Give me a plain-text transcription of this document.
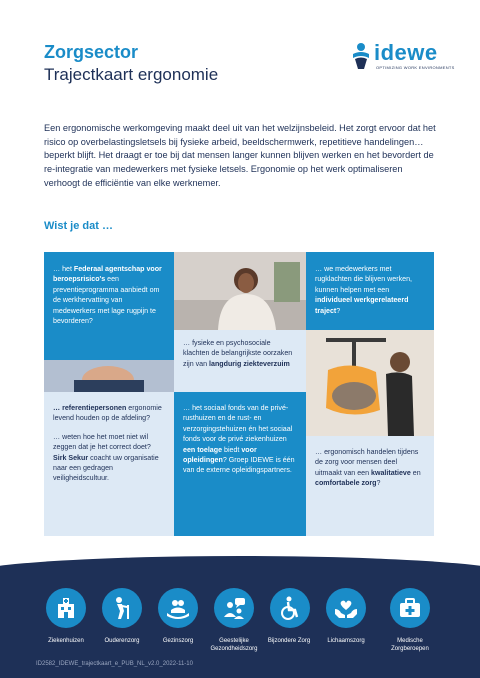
Zorgsector
Trajectkaart ergonomie
idewe
OPTIMIZING WORK ENVIRONMENTS

Een ergonomische werkomgeving maakt deel uit van het welzijnsbeleid. Het zorgt ervoor dat het risico op overbelastingsletsels bij fysieke arbeid, beeldschermwerk, repetitieve handelingen… beperkt blijft. Het draagt er toe bij dat mensen langer kunnen blijven werken en het bevordert de re-integratie van medewerkers met fysieke letsels. Ergonomie op het werk optimaliseren verhoogt de efficiëntie van elke werknemer.

Wist je dat …
… het Federaal agentschap voor beroepsrisico's een preventieprogramma aanbiedt om de werkhervatting van medewerkers met lage rugpijn te bevorderen?
… we medewerkers met rugklachten die blijven werken, kunnen helpen met een individueel werkgerelateerd traject?
… fysieke en psychosociale klachten de belangrijkste oorzaken zijn van langdurig ziekteverzuim
… referentiepersonen ergonomie levend houden op de afdeling?
… weten hoe het moet niet wil zeggen dat je het correct doet? Sirk Sekur coacht uw organisatie naar een gedragen veiligheidscultuur.
… het sociaal fonds van de privé-rusthuizen en de rust- en verzorgingstehuizen én het sociaal fonds voor de privé ziekenhuizen een toelage biedt voor opleidingen? Groep IDEWE is één van de externe opleidingspartners.
… ergonomisch handelen tijdens de zorg voor mensen deel uitmaakt van een kwalitatieve en comfortabele zorg?
Ziekenhuizen	Ouderenzorg	Gezinszorg	Geestelijke Gezondheidszorg
Bijzondere Zorg	Lichaamszorg	Medische Zorgberoepen
ID2582_IDEWE_trajectkaart_e_PUB_NL_v2.0_2022-11-10
